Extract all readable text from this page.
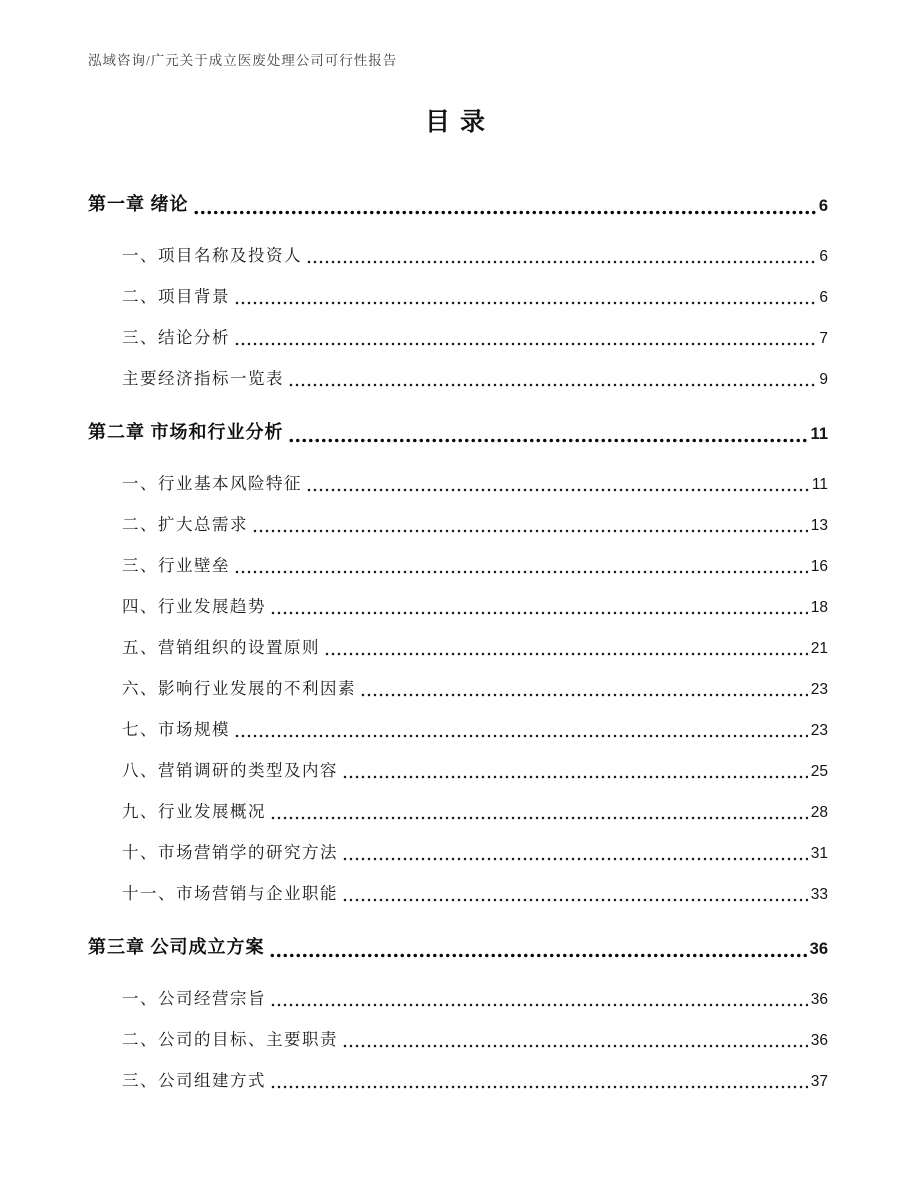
泓域咨询/广元关于成立医废处理公司可行性报告
目录
第一章 绪论	6
一、项目名称及投资人	6
二、项目背景	6
三、结论分析	7
主要经济指标一览表	9
第二章 市场和行业分析	11
一、行业基本风险特征	11
二、扩大总需求	13
三、行业壁垒	16
四、行业发展趋势	18
五、营销组织的设置原则	21
六、影响行业发展的不利因素	23
七、市场规模	23
八、营销调研的类型及内容	25
九、行业发展概况	28
十、市场营销学的研究方法	31
十一、市场营销与企业职能	33
第三章 公司成立方案	36
一、公司经营宗旨	36
二、公司的目标、主要职责	36
三、公司组建方式	37
